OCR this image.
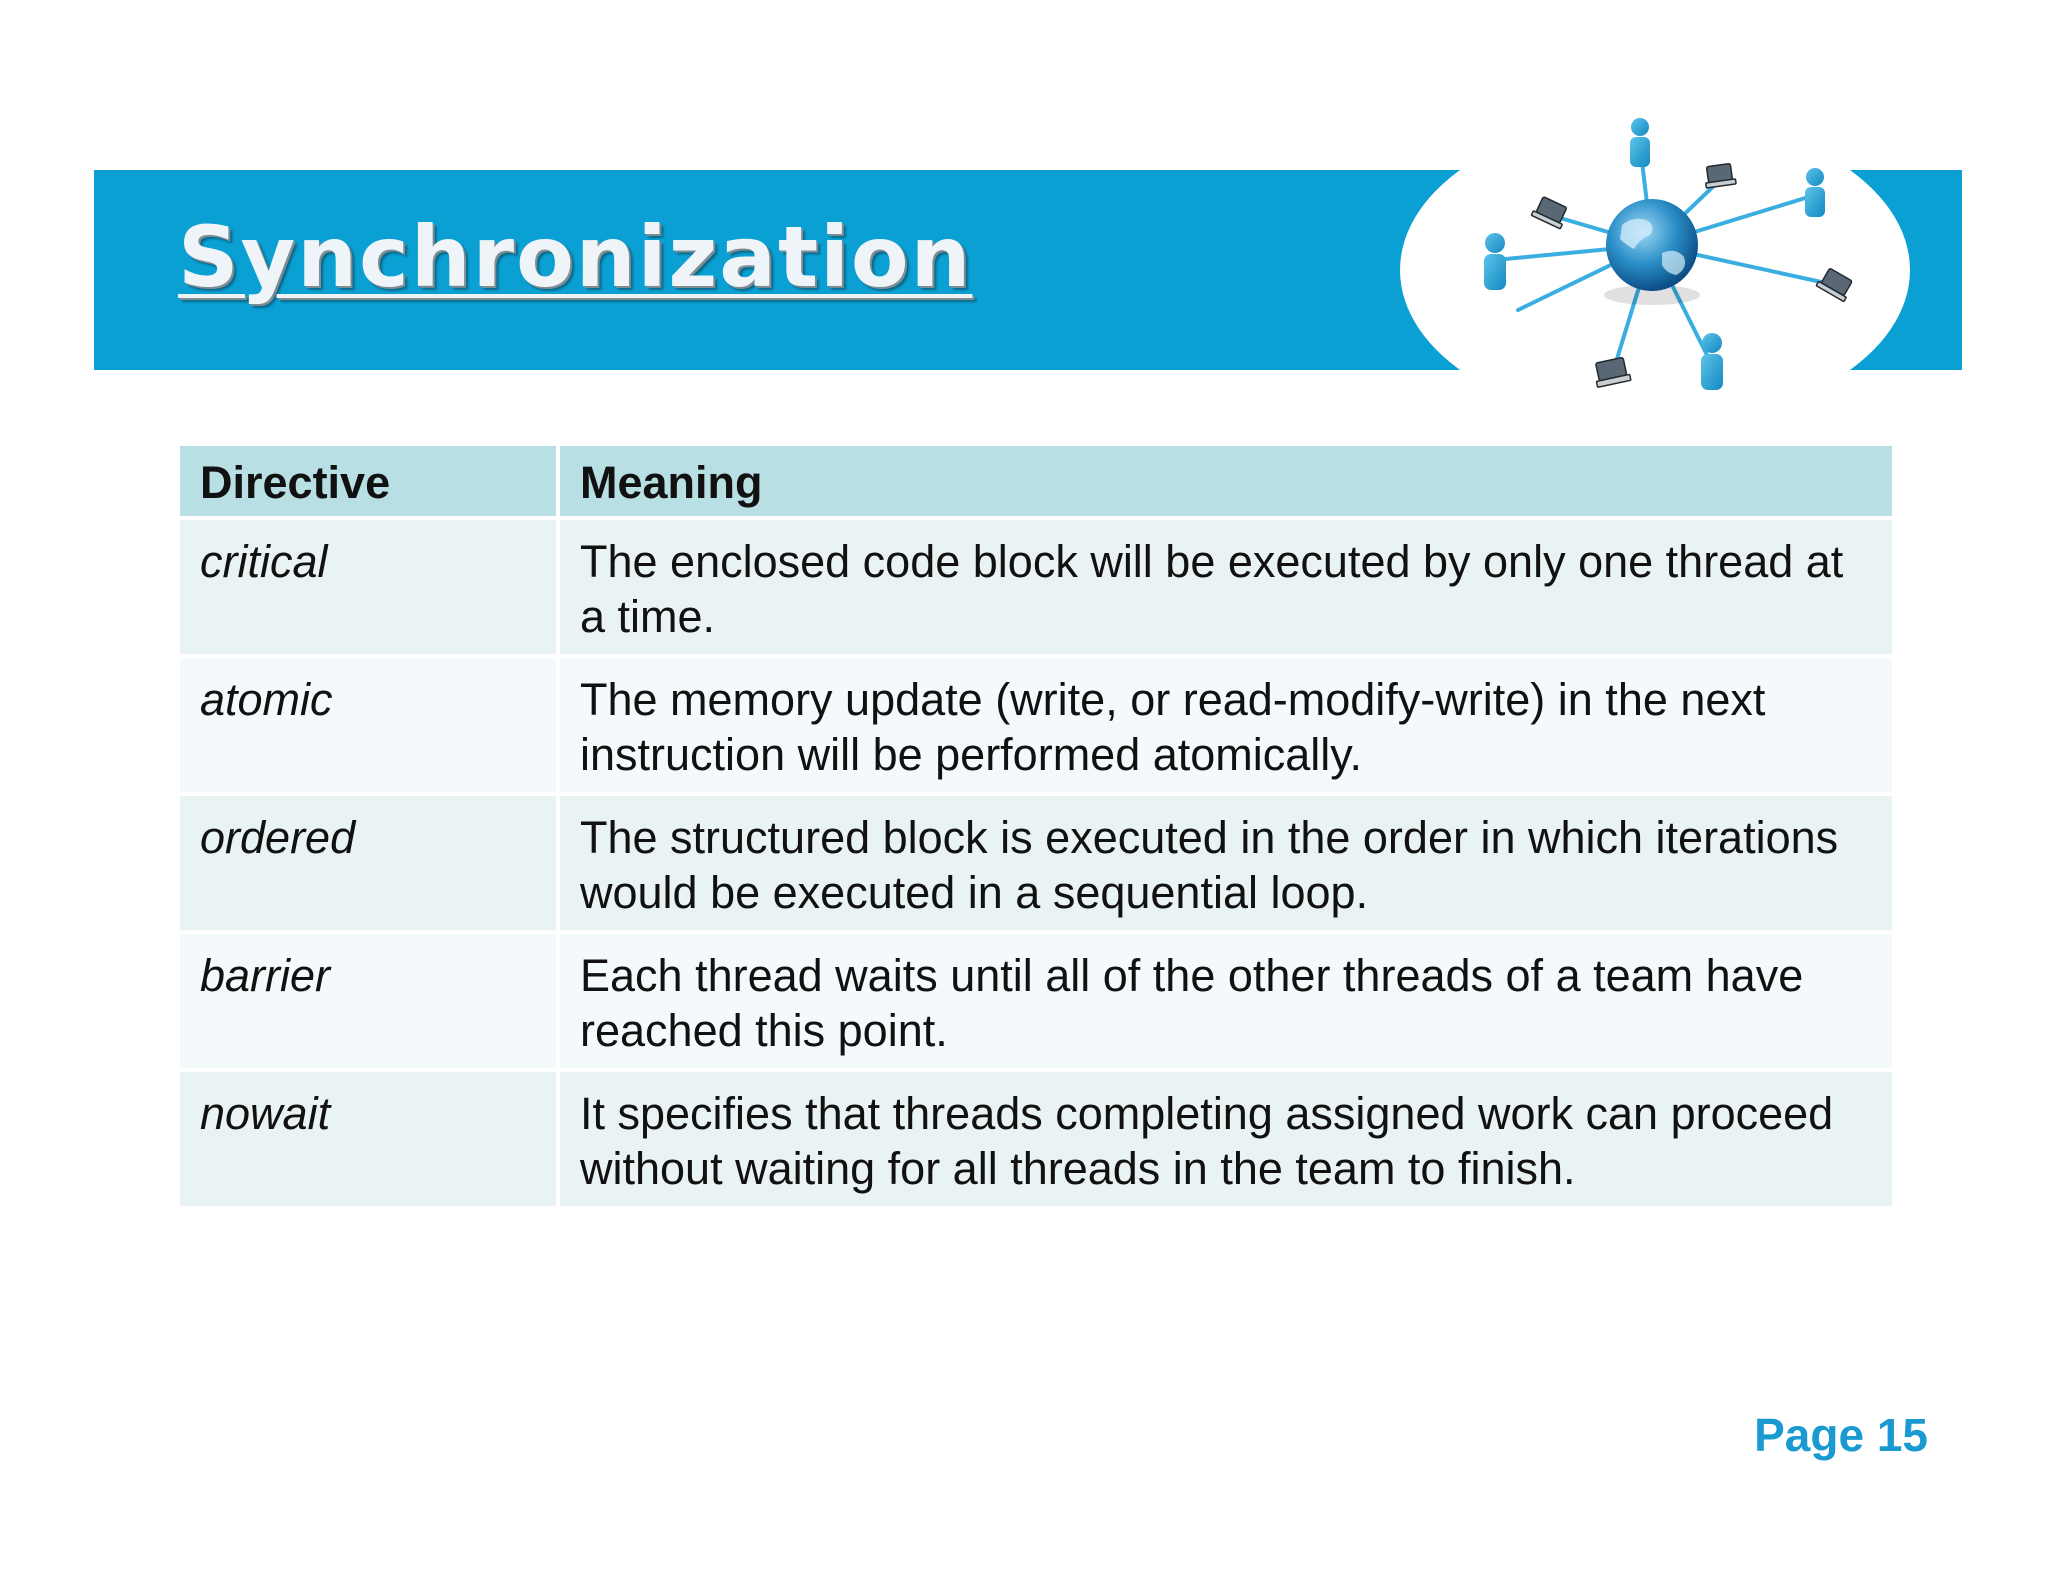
Synchronization
Directive	Meaning
critical	The enclosed code block will be executed by only one thread at a time.
atomic	The memory update (write, or read-modify-write) in the next instruction will be performed atomically.
ordered	The structured block is executed in the order in which iterations would be executed in a sequential loop.
barrier	Each thread waits until all of the other threads of a team have reached this point.
nowait	It specifies that threads completing assigned work can proceed without waiting for all threads in the team to finish.
Page 15
